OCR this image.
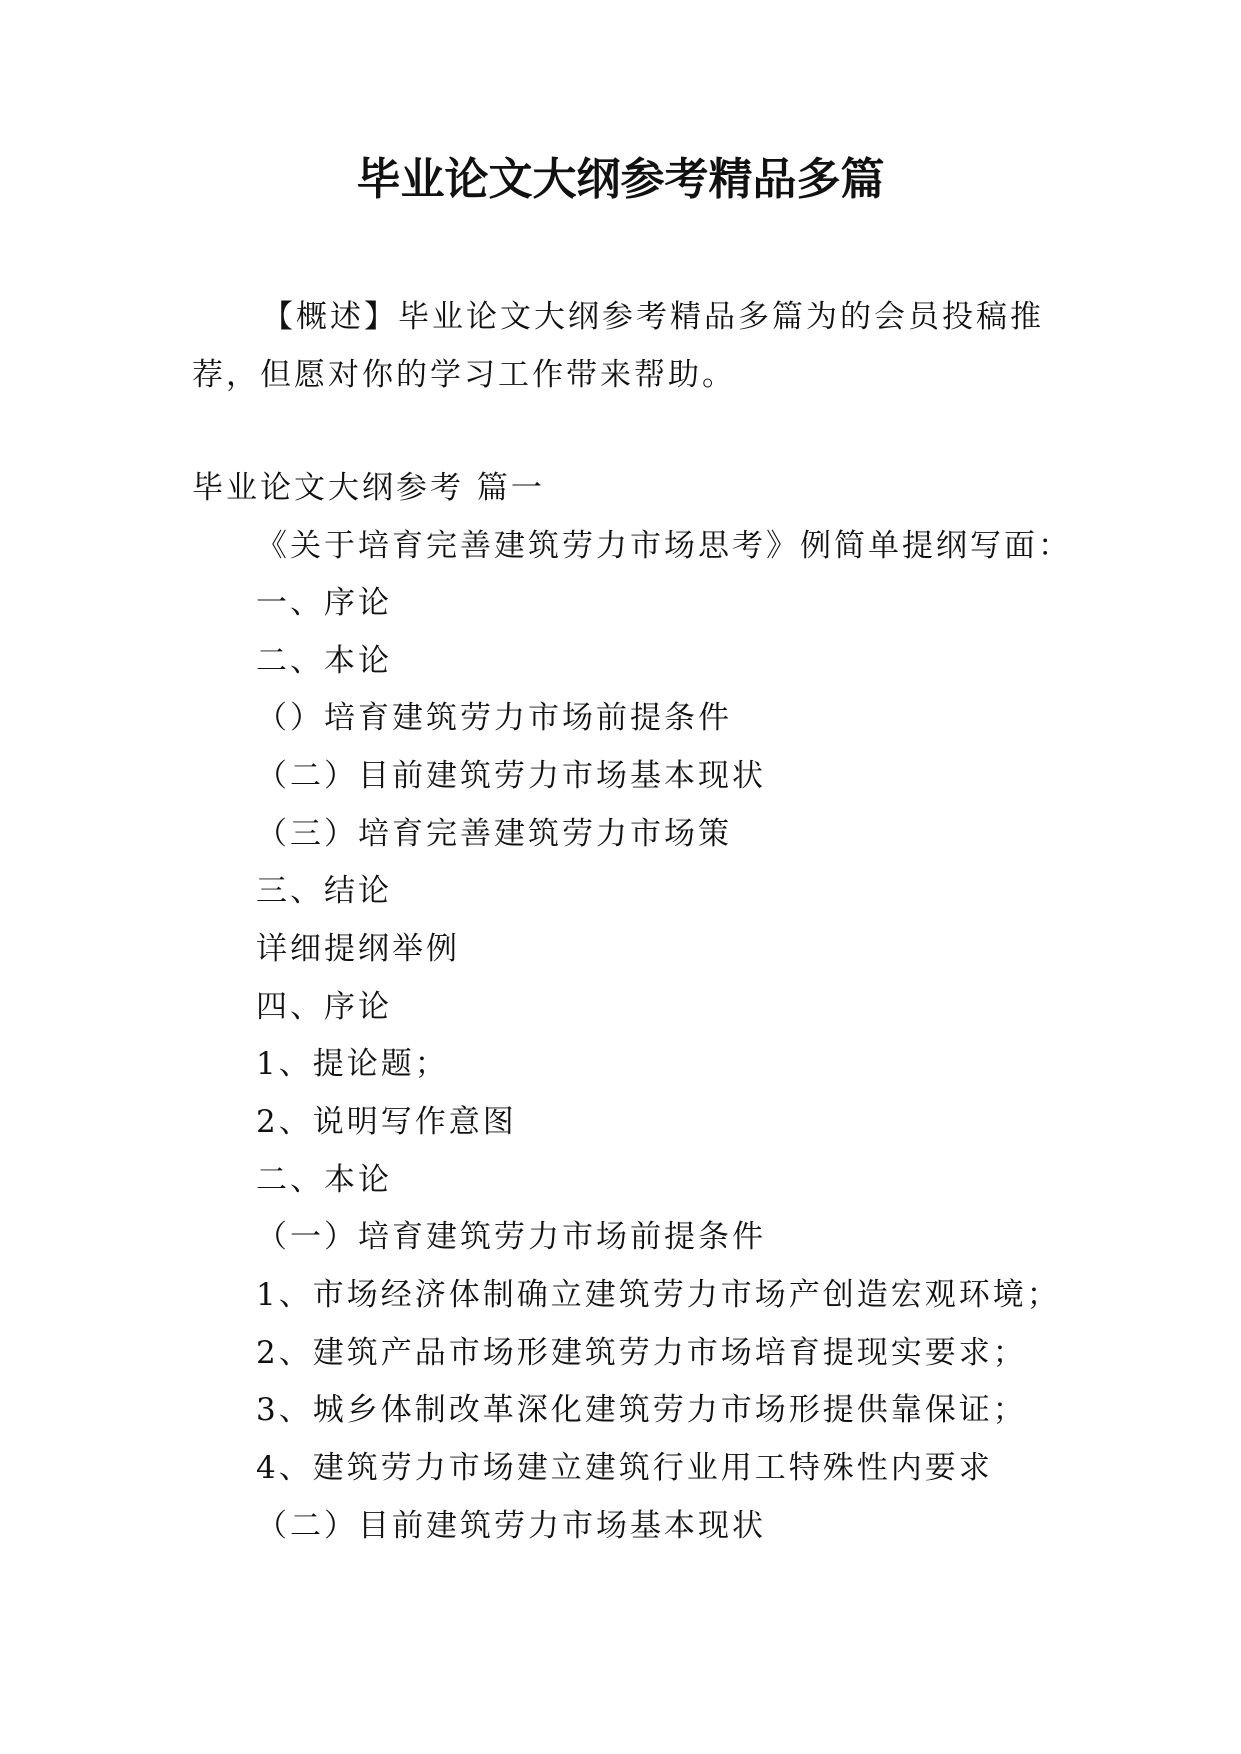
毕业论文大纲参考精品多篇

【概述】毕业论文大纲参考精品多篇为的会员投稿推荐，但愿对你的学习工作带来帮助。

毕业论文大纲参考 篇一

《关于培育完善建筑劳力市场思考》例简单提纲写面：

一、序论

二、本论

（）培育建筑劳力市场前提条件

（二）目前建筑劳力市场基本现状

（三）培育完善建筑劳力市场策

三、结论

详细提纲举例

四、序论

1、提论题；

2、说明写作意图

二、本论

（一）培育建筑劳力市场前提条件

1、市场经济体制确立建筑劳力市场产创造宏观环境；

2、建筑产品市场形建筑劳力市场培育提现实要求；

3、城乡体制改革深化建筑劳力市场形提供靠保证；

4、建筑劳力市场建立建筑行业用工特殊性内要求

（二）目前建筑劳力市场基本现状
